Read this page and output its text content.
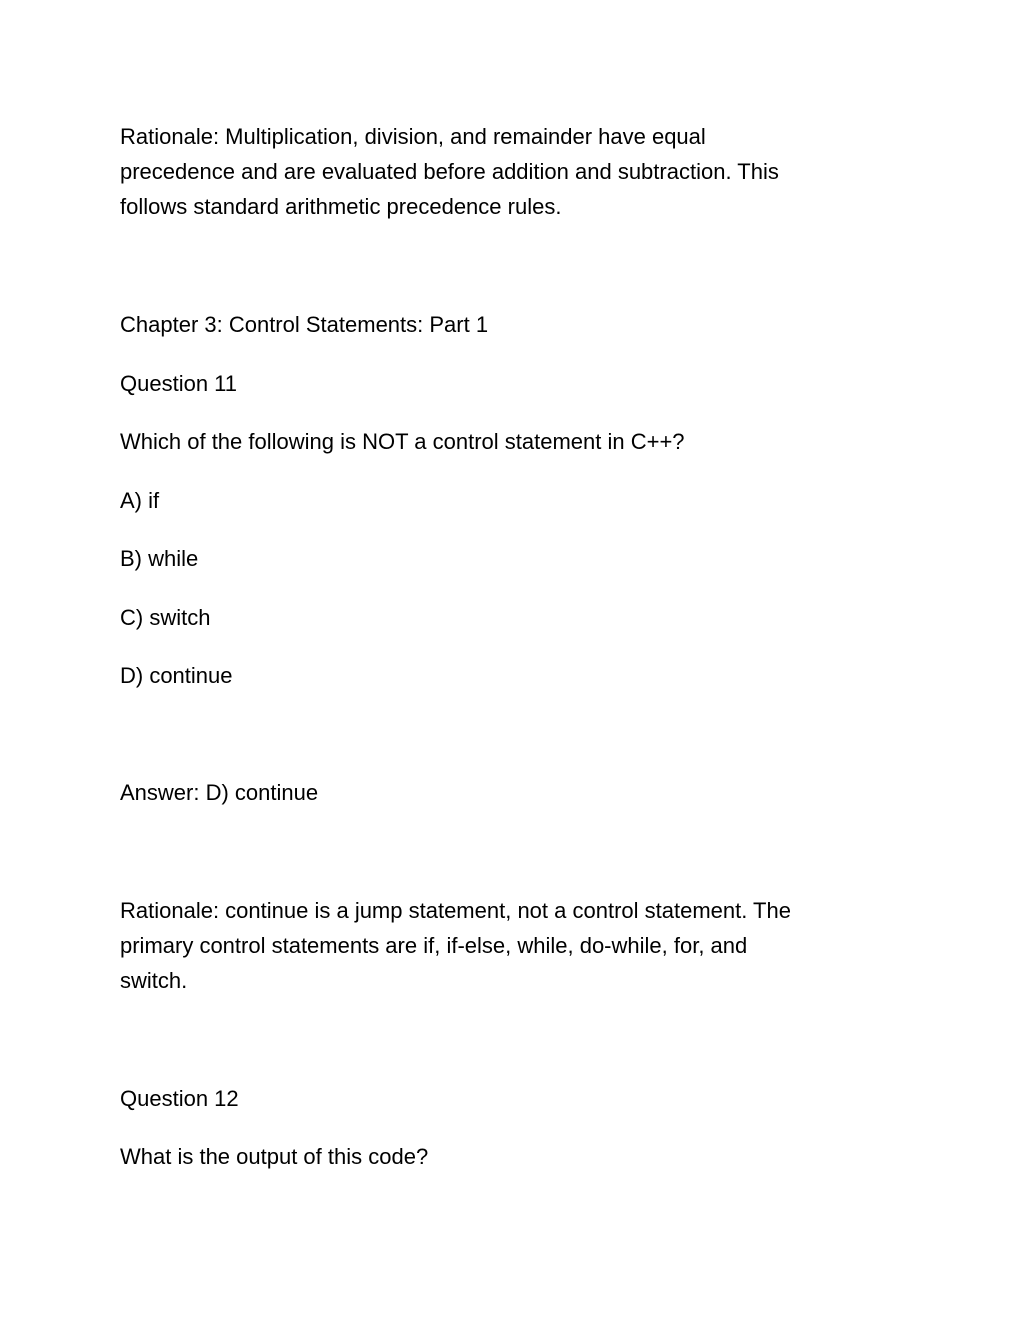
Rationale: Multiplication, division, and remainder have equal
precedence and are evaluated before addition and subtraction. This
follows standard arithmetic precedence rules.

Chapter 3: Control Statements: Part 1

Question 11

Which of the following is NOT a control statement in C++?

A) if

B) while

C) switch

D) continue

Answer: D) continue

Rationale: continue is a jump statement, not a control statement. The
primary control statements are if, if-else, while, do-while, for, and
switch.

Question 12

What is the output of this code?
